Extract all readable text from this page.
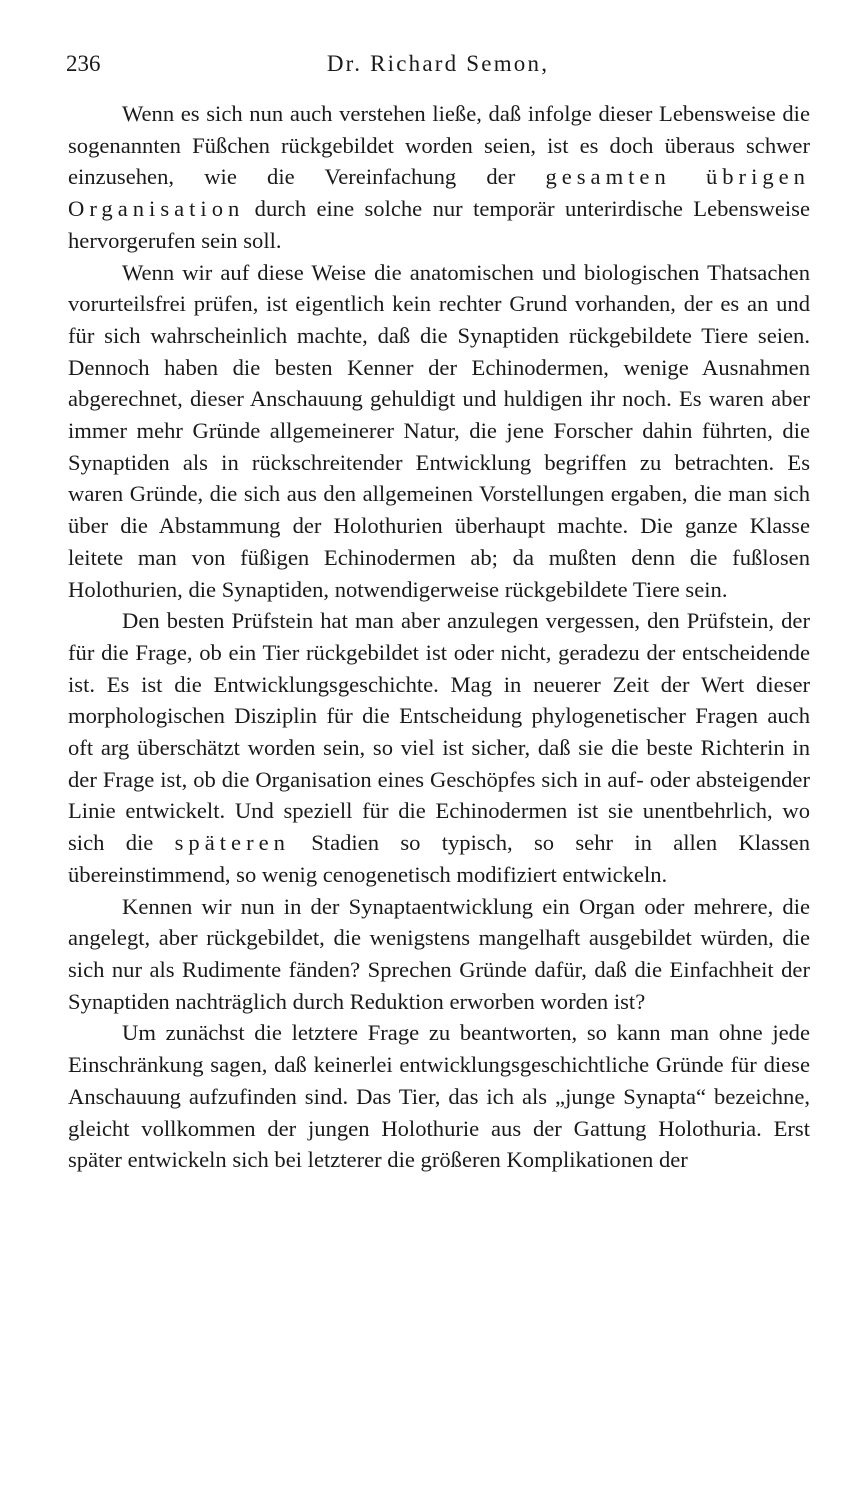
236	Dr. Richard Semon,

Wenn es sich nun auch verstehen ließe, daß infolge dieser Lebensweise die sogenannten Füßchen rückgebildet worden seien, ist es doch überaus schwer einzusehen, wie die Vereinfachung der gesamten übrigen Organisation durch eine solche nur temporär unterirdische Lebensweise hervorgerufen sein soll.

Wenn wir auf diese Weise die anatomischen und biologischen Thatsachen vorurteilsfrei prüfen, ist eigentlich kein rechter Grund vorhanden, der es an und für sich wahrscheinlich machte, daß die Synaptiden rückgebildete Tiere seien. Dennoch haben die besten Kenner der Echinodermen, wenige Ausnahmen abgerechnet, dieser Anschauung gehuldigt und huldigen ihr noch. Es waren aber immer mehr Gründe allgemeinerer Natur, die jene Forscher dahin führten, die Synaptiden als in rückschreitender Entwicklung begriffen zu betrachten. Es waren Gründe, die sich aus den allgemeinen Vorstellungen ergaben, die man sich über die Abstammung der Holothurien überhaupt machte. Die ganze Klasse leitete man von füßigen Echinodermen ab; da mußten denn die fußlosen Holothurien, die Synaptiden, notwendigerweise rückgebildete Tiere sein.

Den besten Prüfstein hat man aber anzulegen vergessen, den Prüfstein, der für die Frage, ob ein Tier rückgebildet ist oder nicht, geradezu der entscheidende ist. Es ist die Entwicklungsgeschichte. Mag in neuerer Zeit der Wert dieser morphologischen Disziplin für die Entscheidung phylogenetischer Fragen auch oft arg überschätzt worden sein, so viel ist sicher, daß sie die beste Richterin in der Frage ist, ob die Organisation eines Geschöpfes sich in auf- oder absteigender Linie entwickelt. Und speziell für die Echinodermen ist sie unentbehrlich, wo sich die späteren Stadien so typisch, so sehr in allen Klassen übereinstimmend, so wenig cenogenetisch modifiziert entwickeln.

Kennen wir nun in der Synaptaentwicklung ein Organ oder mehrere, die angelegt, aber rückgebildet, die wenigstens mangelhaft ausgebildet würden, die sich nur als Rudimente fänden? Sprechen Gründe dafür, daß die Einfachheit der Synaptiden nachträglich durch Reduktion erworben worden ist?

Um zunächst die letztere Frage zu beantworten, so kann man ohne jede Einschränkung sagen, daß keinerlei entwicklungsgeschichtliche Gründe für diese Anschauung aufzufinden sind. Das Tier, das ich als „junge Synapta“ bezeichne, gleicht vollkommen der jungen Holothurie aus der Gattung Holothuria. Erst später entwickeln sich bei letzterer die größeren Komplikationen der
